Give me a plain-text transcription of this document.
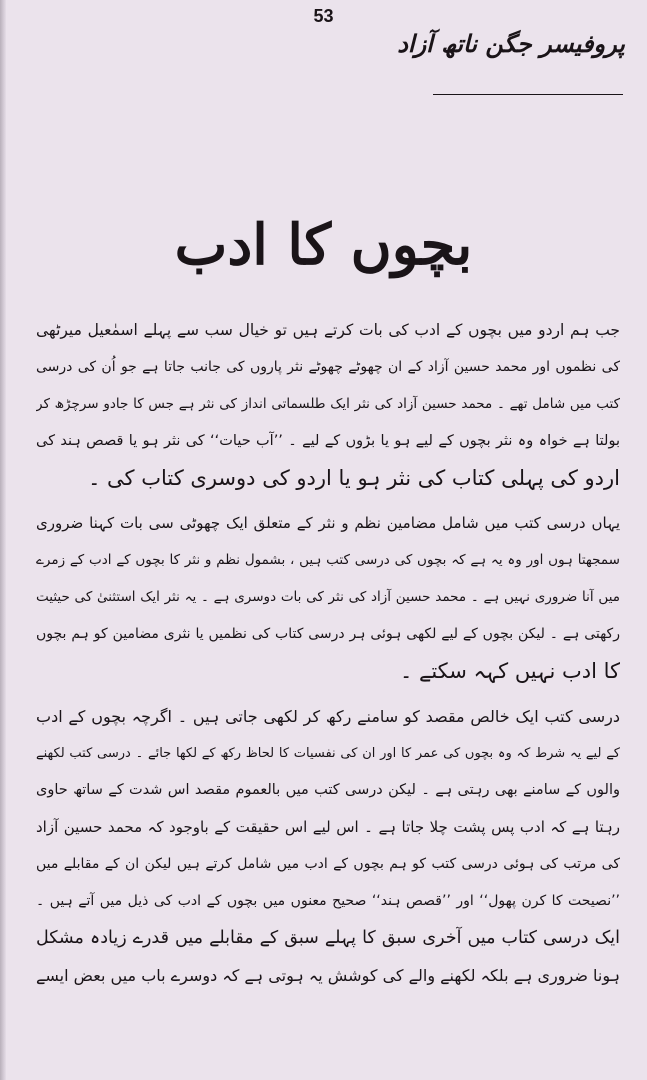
53
پروفیسر جگن ناتھ آزاد
بچوں کا ادب
جب ہم اردو میں بچوں کے ادب کی بات کرتے ہیں تو خیال سب سے پہلے اسمٰعیل میرٹھی
کی نظموں اور محمد حسین آزاد کے ان چھوٹے چھوٹے نثر پاروں کی جانب جاتا ہے جو اُن کی درسی
کتب میں شامل تھے ۔ محمد حسین آزاد کی نثر ایک طلسماتی انداز کی نثر ہے جس کا جادو سرچڑھ کر
بولتا ہے خواہ وہ نثر بچوں کے لیے ہو یا بڑوں کے لیے ۔ ’’آب حیات‘‘ کی نثر ہو یا قصص ہند کی
اردو کی پہلی کتاب کی نثر ہو یا اردو کی دوسری کتاب کی ۔
یہاں درسی کتب میں شامل مضامین نظم و نثر کے متعلق ایک چھوٹی سی بات کہنا ضروری
سمجھتا ہوں اور وہ یہ ہے کہ بچوں کی درسی کتب ہیں ، بشمول نظم و نثر کا بچوں کے ادب کے زمرے
میں آنا ضروری نہیں ہے ۔ محمد حسین آزاد کی نثر کی بات دوسری ہے ۔ یہ نثر ایک استثنیٰ کی حیثیت
رکھتی ہے ۔ لیکن بچوں کے لیے لکھی ہوئی ہر درسی کتاب کی نظمیں یا نثری مضامین کو ہم بچوں
کا ادب نہیں کہہ سکتے ۔
درسی کتب ایک خالص مقصد کو سامنے رکھ کر لکھی جاتی ہیں ۔ اگرچہ بچوں کے ادب
کے لیے یہ شرط کہ وہ بچوں کی عمر کا اور ان کی نفسیات کا لحاظ رکھ کے لکھا جائے ۔ درسی کتب لکھنے
والوں کے سامنے بھی رہتی ہے ۔ لیکن درسی کتب میں بالعموم مقصد اس شدت کے ساتھ حاوی
رہتا ہے کہ ادب پس پشت چلا جاتا ہے ۔ اس لیے اس حقیقت کے باوجود کہ محمد حسین آزاد
کی مرتب کی ہوئی درسی کتب کو ہم بچوں کے ادب میں شامل کرتے ہیں لیکن ان کے مقابلے میں
’’نصیحت کا کرن پھول‘‘ اور ’’قصص ہند‘‘ صحیح معنوں میں بچوں کے ادب کی ذیل میں آتے ہیں ۔
ایک درسی کتاب میں آخری سبق کا پہلے سبق کے مقابلے میں قدرے زیادہ مشکل
ہونا ضروری ہے بلکہ لکھنے والے کی کوشش یہ ہوتی ہے کہ دوسرے باب میں بعض ایسے
